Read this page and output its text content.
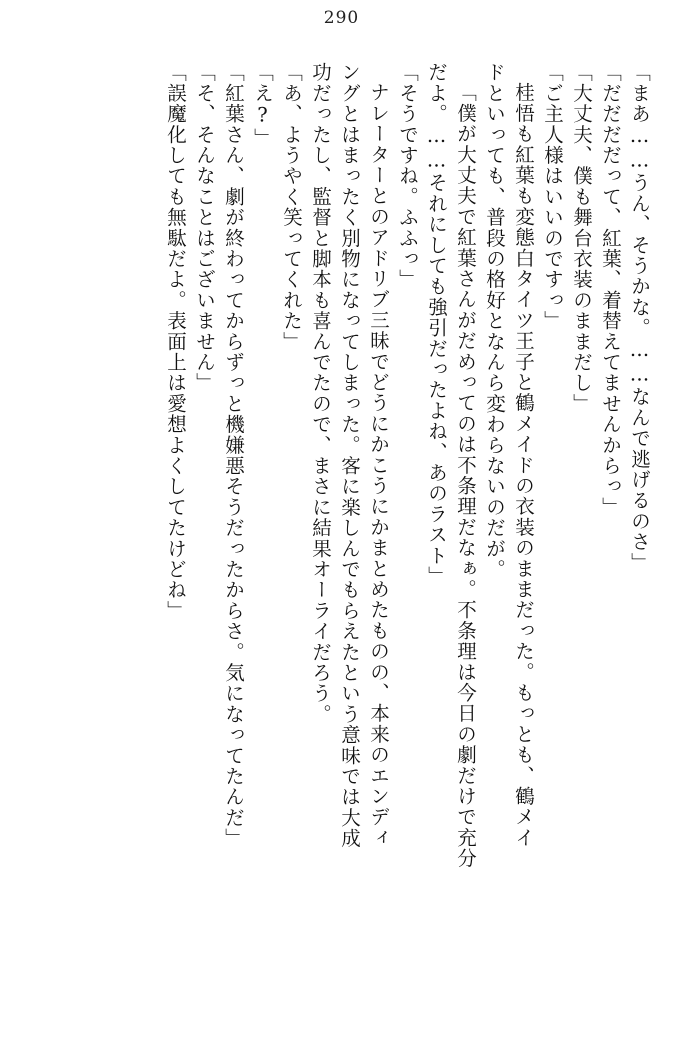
290
「まあ……うん、そうかな。……なんで逃げるのさ」
「だだだだって、紅葉、着替えてませんからっ」
「大丈夫、僕も舞台衣装のままだし」
「ご主人様はいいのですっ」
桂悟も紅葉も変態白タイツ王子と鶴メイドの衣装のままだった。もっとも、鶴メイ
ドといっても、普段の格好となんら変わらないのだが。
「僕が大丈夫で紅葉さんがだめってのは不条理だなぁ。不条理は今日の劇だけで充分
だよ。……それにしても強引だったよね、あのラスト」
「そうですね。ふふっ」
ナレーターとのアドリブ三昧でどうにかこうにかまとめたものの、本来のエンディ
ングとはまったく別物になってしまった。客に楽しんでもらえたという意味では大成
功だったし、監督と脚本も喜んでたので、まさに結果オーライだろう。
「あ、ようやく笑ってくれた」
「え?」
「紅葉さん、劇が終わってからずっと機嫌悪そうだったからさ。気になってたんだ」
「そ、そんなことはございません」
「誤魔化しても無駄だよ。表面上は愛想よくしてたけどね」
